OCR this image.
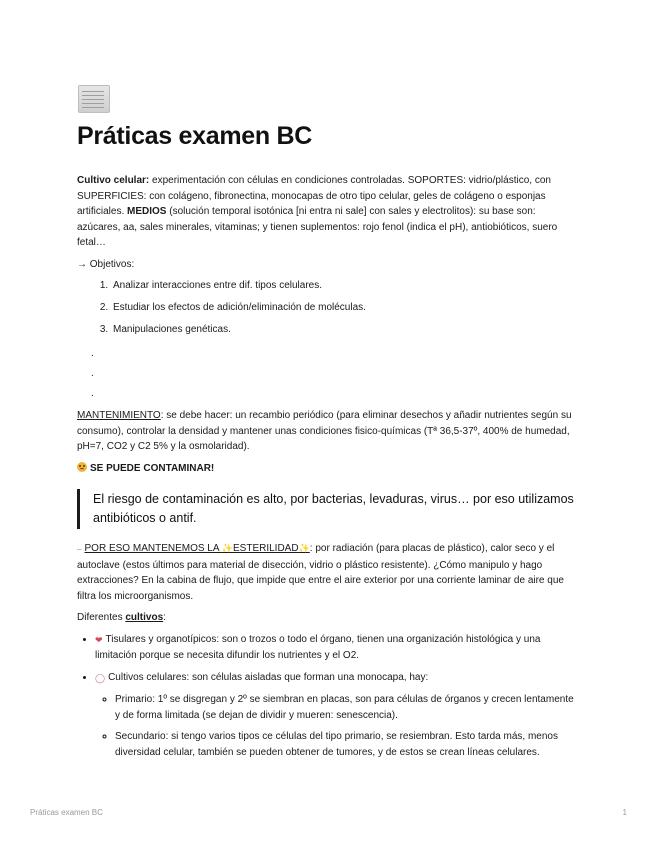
Práticas examen BC

Cultivo celular: experimentación con células en condiciones controladas. SOPORTES: vidrio/plástico, con SUPERFICIES: con colágeno, fibronectina, monocapas de otro tipo celular, geles de colágeno o esponjas artificiales. MEDIOS (solución temporal isotónica [ni entra ni sale] con sales y electrolitos): su base son: azúcares, aa, sales minerales, vitaminas; y tienen suplementos: rojo fenol (indica el pH), antiobióticos, suero fetal…

→ Objetivos:

1. Analizar interacciones entre dif. tipos celulares.
2. Estudiar los efectos de adición/eliminación de moléculas.
3. Manipulaciones genéticas.
.
.
.

MANTENIMIENTO: se debe hacer: un recambio periódico (para eliminar desechos y añadir nutrientes según su consumo), controlar la densidad y mantener unas condiciones fisico-químicas (Tª 36,5-37º, 400% de humedad, pH=7, CO2 y C2 5% y la osmolaridad).

SE PUEDE CONTAMINAR!

El riesgo de contaminación es alto, por bacterias, levaduras, virus… por eso utilizamos antibióticos o antif.

⎯ POR ESO MANTENEMOS LA ✨ESTERILIDAD✨: por radiación (para placas de plástico), calor seco y el autoclave (estos últimos para material de disección, vidrio o plástico resistente). ¿Cómo manipulo y hago extracciones? En la cabina de flujo, que impide que entre el aire exterior por una corriente laminar de aire que filtra los microorganismos.

Diferentes cultivos:

• ❤ Tisulares y organotípicos: son o trozos o todo el órgano, tienen una organización histológica y una limitación porque se necesita difundir los nutrientes y el O2.
• ◯ Cultivos celulares: son células aisladas que forman una monocapa, hay:
◦ Primario: 1º se disgregan y 2º se siembran en placas, son para células de órganos y crecen lentamente y de forma limitada (se dejan de dividir y mueren: senescencia).
◦ Secundario: si tengo varios tipos ce células del tipo primario, se resiembran. Esto tarda más, menos diversidad celular, también se pueden obtener de tumores, y de estos se crean líneas celulares.
Práticas examen BC	1
